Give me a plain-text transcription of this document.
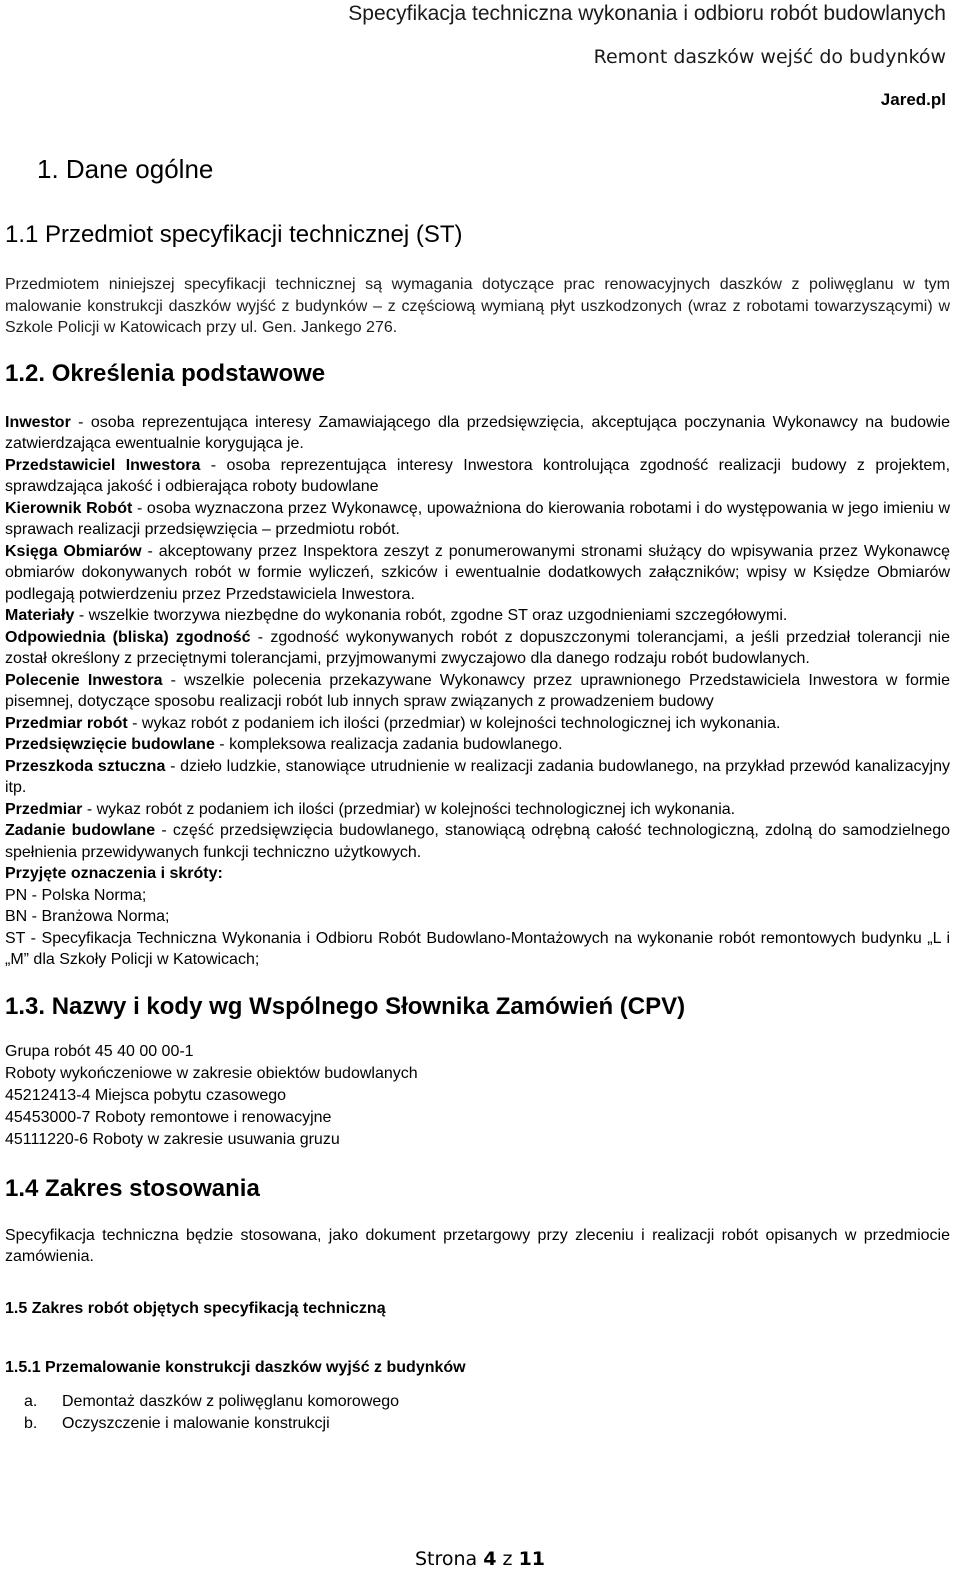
Specyfikacja techniczna wykonania i odbioru robót budowlanych
Remont daszków wejść do budynków
Jared.pl
1. Dane ogólne
1.1 Przedmiot specyfikacji technicznej (ST)

Przedmiotem niniejszej specyfikacji technicznej są wymagania dotyczące prac renowacyjnych daszków z poliwęglanu w tym malowanie konstrukcji daszków wyjść z budynków – z częściową wymianą płyt uszkodzonych (wraz z robotami towarzyszącymi) w Szkole Policji w Katowicach przy ul. Gen. Jankego 276.

1.2. Określenia podstawowe

Inwestor - osoba reprezentująca interesy Zamawiającego dla przedsięwzięcia, akceptująca poczynania Wykonawcy na budowie zatwierdzająca ewentualnie korygująca je.

Przedstawiciel Inwestora - osoba reprezentująca interesy Inwestora kontrolująca zgodność realizacji budowy z projektem, sprawdzająca jakość i odbierająca roboty budowlane

Kierownik Robót - osoba wyznaczona przez Wykonawcę, upoważniona do kierowania robotami i do występowania w jego imieniu w sprawach realizacji przedsięwzięcia – przedmiotu robót.

Księga Obmiarów - akceptowany przez Inspektora zeszyt z ponumerowanymi stronami służący do wpisywania przez Wykonawcę obmiarów dokonywanych robót w formie wyliczeń, szkiców i ewentualnie dodatkowych załączników; wpisy w Księdze Obmiarów podlegają potwierdzeniu przez Przedstawiciela Inwestora.

Materiały - wszelkie tworzywa niezbędne do wykonania robót, zgodne ST oraz uzgodnieniami szczegółowymi.

Odpowiednia (bliska) zgodność - zgodność wykonywanych robót z dopuszczonymi tolerancjami, a jeśli przedział tolerancji nie został określony z przeciętnymi tolerancjami, przyjmowanymi zwyczajowo dla danego rodzaju robót budowlanych.

Polecenie Inwestora - wszelkie polecenia przekazywane Wykonawcy przez uprawnionego Przedstawiciela Inwestora w formie pisemnej, dotyczące sposobu realizacji robót lub innych spraw związanych z prowadzeniem budowy

Przedmiar robót - wykaz robót z podaniem ich ilości (przedmiar) w kolejności technologicznej ich wykonania.

Przedsięwzięcie budowlane - kompleksowa realizacja zadania budowlanego.

Przeszkoda sztuczna - dzieło ludzkie, stanowiące utrudnienie w realizacji zadania budowlanego, na przykład przewód kanalizacyjny itp.

Przedmiar - wykaz robót z podaniem ich ilości (przedmiar) w kolejności technologicznej ich wykonania.

Zadanie budowlane - część przedsięwzięcia budowlanego, stanowiącą odrębną całość technologiczną, zdolną do samodzielnego spełnienia przewidywanych funkcji techniczno użytkowych.

Przyjęte oznaczenia i skróty:

PN - Polska Norma;

BN - Branżowa Norma;

ST - Specyfikacja Techniczna Wykonania i Odbioru Robót Budowlano-Montażowych na wykonanie robót remontowych budynku „L i „M” dla Szkoły Policji w Katowicach;

1.3. Nazwy i kody wg Wspólnego Słownika Zamówień (CPV)
Grupa robót 45 40 00 00-1
Roboty wykończeniowe w zakresie obiektów budowlanych
45212413-4 Miejsca pobytu czasowego
45453000-7 Roboty remontowe i renowacyjne
45111220-6 Roboty w zakresie usuwania gruzu
1.4 Zakres stosowania

Specyfikacja techniczna będzie stosowana, jako dokument przetargowy przy zleceniu i realizacji robót opisanych w przedmiocie zamówienia.

1.5 Zakres robót objętych specyfikacją techniczną
1.5.1 Przemalowanie konstrukcji daszków wyjść z budynków
a. Demontaż daszków z poliwęglanu komorowego
b. Oczyszczenie i malowanie konstrukcji
Strona 4 z 11
